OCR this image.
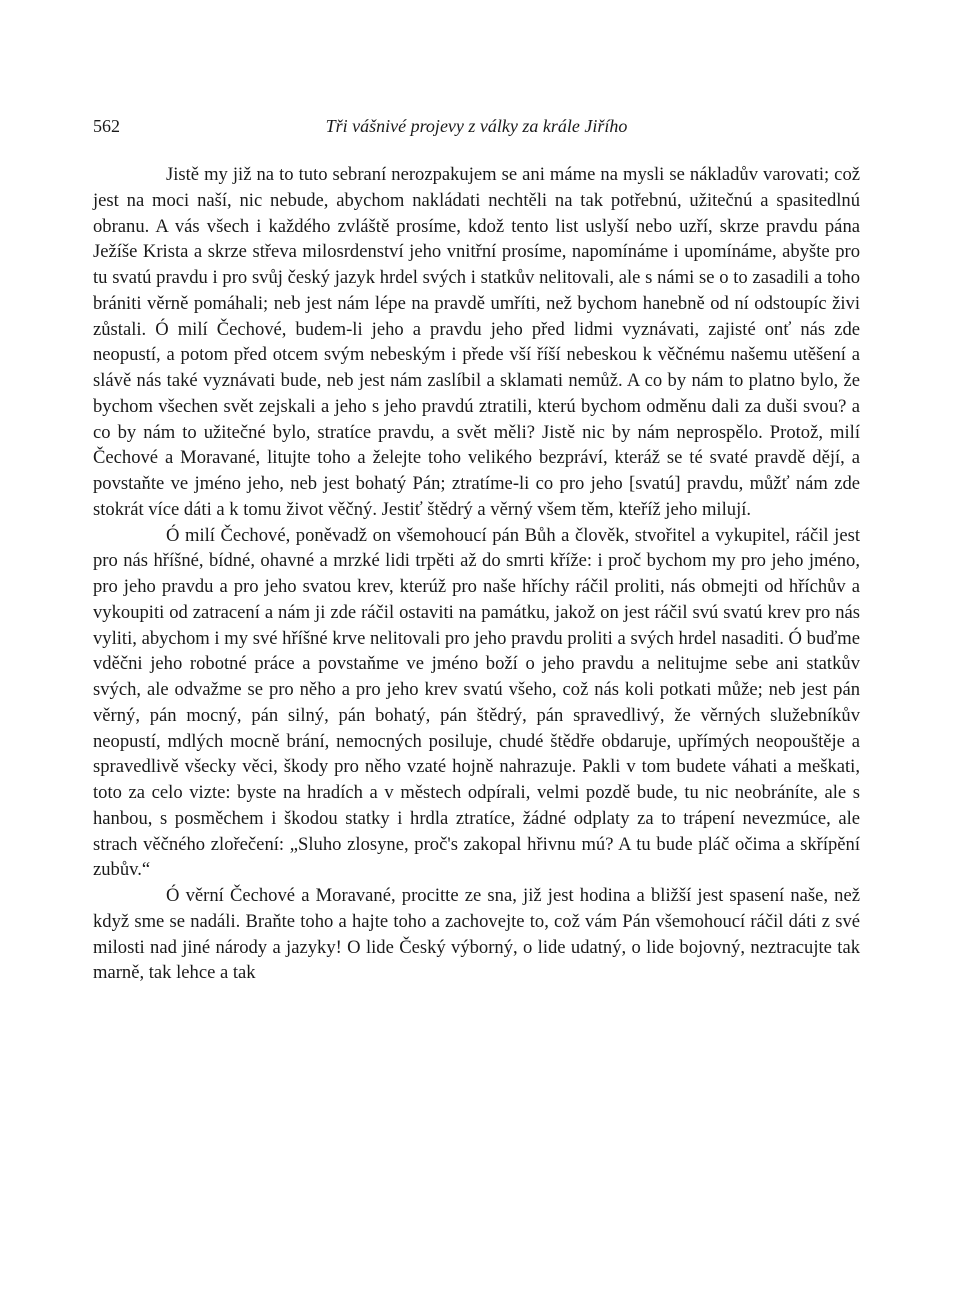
562	Tři vášnivé projevy z války za krále Jiřího

Jistě my již na to tuto sebraní nerozpakujem se ani máme na mysli se nákladův varovati; což jest na moci naší, nic nebude, abychom nakládati nechtěli na tak potřebnú, užitečnú a spasitedlnú obranu. A vás všech i každého zvláště prosíme, kdož tento list uslyší nebo uzří, skrze pravdu pána Ježíše Krista a skrze střeva milosrdenství jeho vnitřní prosíme, napomínáme i upomínáme, abyšte pro tu svatú pravdu i pro svůj český jazyk hrdel svých i statkův nelitovali, ale s námi se o to zasadili a toho brániti věrně pomáhali; neb jest nám lépe na pravdě umříti, než bychom hanebně od ní odstoupíc živi zůstali. Ó milí Čechové, budem-li jeho a pravdu jeho před lidmi vyznávati, zajisté onť nás zde neopustí, a potom před otcem svým nebeským i přede vší říší nebeskou k věčnému našemu utěšení a slávě nás také vyznávati bude, neb jest nám zaslíbil a sklamati nemůž. A co by nám to platno bylo, že bychom všechen svět zejskali a jeho s jeho pravdú ztratili, kterú bychom odměnu dali za duši svou? a co by nám to užitečné bylo, stratíce pravdu, a svět měli? Jistě nic by nám neprospělo. Protož, milí Čechové a Moravané, litujte toho a želejte toho velikého bezpráví, kteráž se té svaté pravdě dějí, a povstaňte ve jméno jeho, neb jest bohatý Pán; ztratíme-li co pro jeho [svatú] pravdu, můžť nám zde stokrát více dáti a k tomu život věčný. Jestiť štědrý a věrný všem těm, kteříž jeho milují.

Ó milí Čechové, poněvadž on všemohoucí pán Bůh a člověk, stvořitel a vykupitel, ráčil jest pro nás hříšné, bídné, ohavné a mrzké lidi trpěti až do smrti kříže: i proč bychom my pro jeho jméno, pro jeho pravdu a pro jeho svatou krev, kterúž pro naše hříchy ráčil proliti, nás obmejti od hříchův a vykoupiti od zatracení a nám ji zde ráčil ostaviti na památku, jakož on jest ráčil svú svatú krev pro nás vyliti, abychom i my své hříšné krve nelitovali pro jeho pravdu proliti a svých hrdel nasaditi. Ó buďme vděčni jeho robotné práce a povstaňme ve jméno boží o jeho pravdu a nelitujme sebe ani statkův svých, ale odvažme se pro něho a pro jeho krev svatú všeho, což nás koli potkati může; neb jest pán věrný, pán mocný, pán silný, pán bohatý, pán štědrý, pán spravedlivý, že věrných služebníkův neopustí, mdlých mocně brání, nemocných posiluje, chudé štědře obdaruje, upřímých neopouštěje a spravedlivě všecky věci, škody pro něho vzaté hojně nahrazuje. Pakli v tom budete váhati a meškati, toto za celo vizte: byste na hradích a v městech odpírali, velmi pozdě bude, tu nic neobráníte, ale s hanbou, s posměchem i škodou statky i hrdla ztratíce, žádné odplaty za to trápení nevezmúce, ale strach věčného zlořečení: „Sluho zlosyne, proč's zakopal hřivnu mú? A tu bude pláč očima a skřípění zubův.“

Ó věrní Čechové a Moravané, procitte ze sna, již jest hodina a bližší jest spasení naše, než když sme se nadáli. Braňte toho a hajte toho a zachovejte to, což vám Pán všemohoucí ráčil dáti z své milosti nad jiné národy a jazyky! O lide Český výborný, o lide udatný, o lide bojovný, neztracujte tak marně, tak lehce a tak
